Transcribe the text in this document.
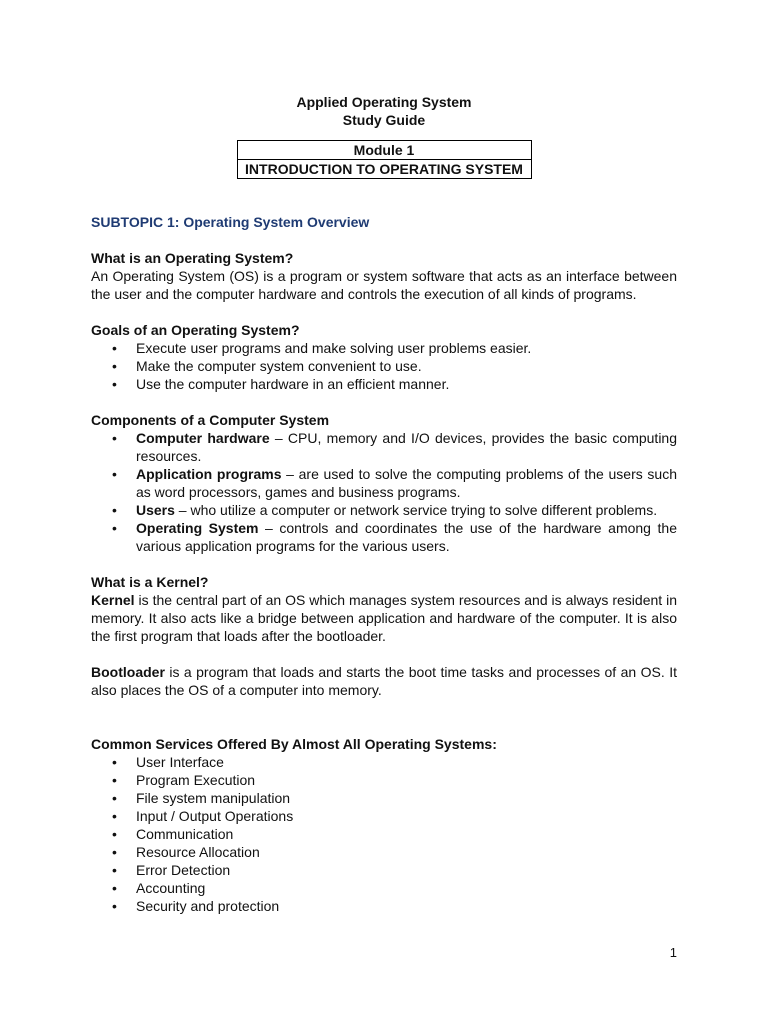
Applied Operating System
Study Guide
Module 1
INTRODUCTION TO OPERATING SYSTEM
SUBTOPIC 1: Operating System Overview
What is an Operating System?

An Operating System (OS) is a program or system software that acts as an interface between the user and the computer hardware and controls the execution of all kinds of programs.

Goals of an Operating System?
• Execute user programs and make solving user problems easier.
• Make the computer system convenient to use.
• Use the computer hardware in an efficient manner.
Components of a Computer System
• Computer hardware – CPU, memory and I/O devices, provides the basic computing resources.
• Application programs – are used to solve the computing problems of the users such as word processors, games and business programs.
• Users – who utilize a computer or network service trying to solve different problems.
• Operating System – controls and coordinates the use of the hardware among the various application programs for the various users.
What is a Kernel?

Kernel is the central part of an OS which manages system resources and is always resident in memory. It also acts like a bridge between application and hardware of the computer. It is also the first program that loads after the bootloader.

Bootloader is a program that loads and starts the boot time tasks and processes of an OS. It also places the OS of a computer into memory.

Common Services Offered By Almost All Operating Systems:
• User Interface
• Program Execution
• File system manipulation
• Input / Output Operations
• Communication
• Resource Allocation
• Error Detection
• Accounting
• Security and protection
1
